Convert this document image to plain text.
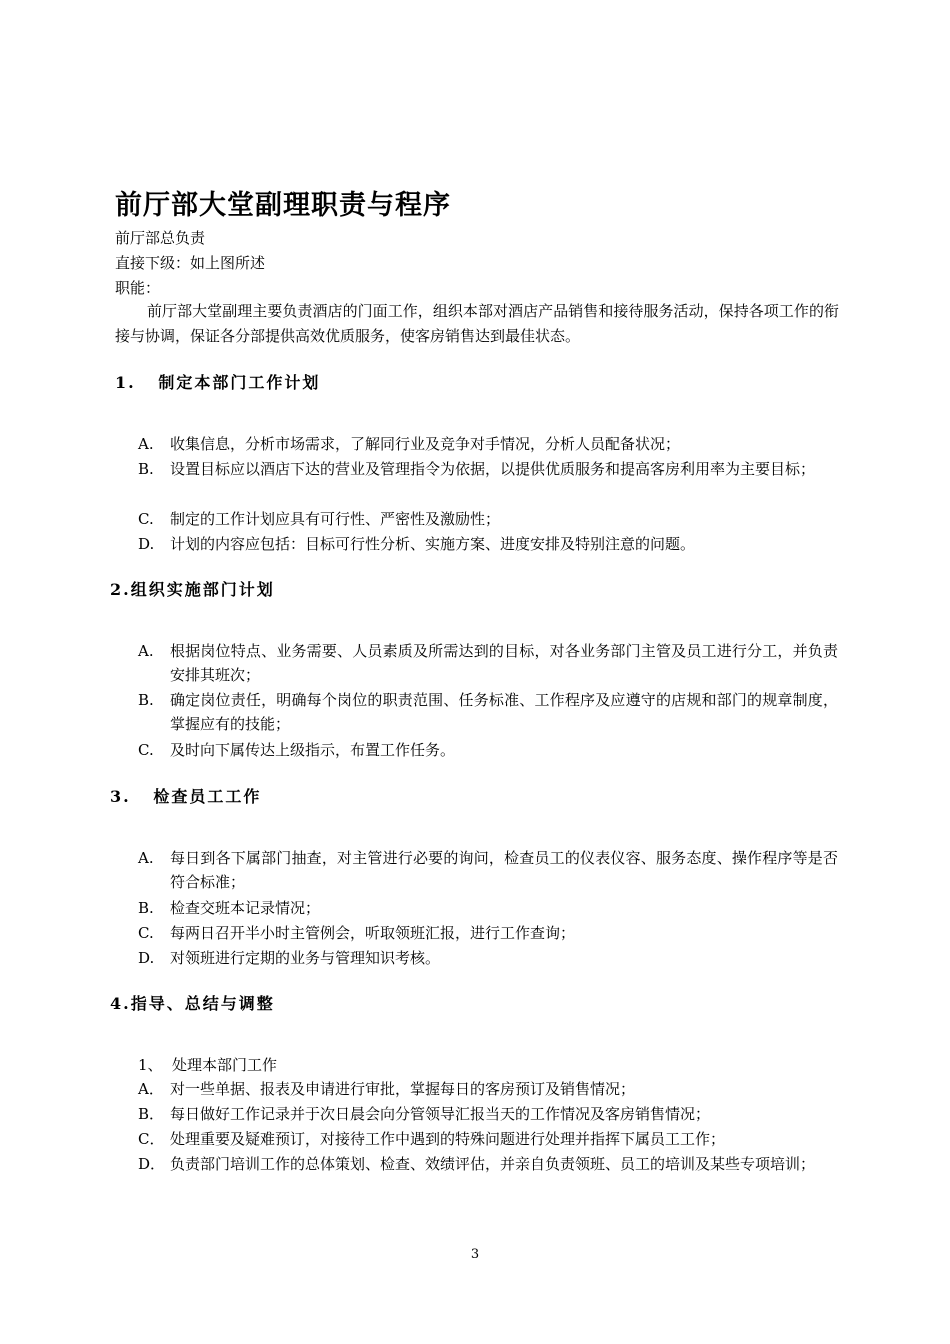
前厅部大堂副理职责与程序
前厅部总负责
直接下级：如上图所述
职能：
前厅部大堂副理主要负责酒店的门面工作，组织本部对酒店产品销售和接待服务活动，保持各项工作的衔接与协调，保证各分部提供高效优质服务，使客房销售达到最佳状态。
1. 制定本部门工作计划
A. 收集信息，分析市场需求，了解同行业及竞争对手情况，分析人员配备状况；
B. 设置目标应以酒店下达的营业及管理指令为依据，以提供优质服务和提高客房利用率为主要目标；
C. 制定的工作计划应具有可行性、严密性及激励性；
D. 计划的内容应包括：目标可行性分析、实施方案、进度安排及特别注意的问题。
2.组织实施部门计划
A. 根据岗位特点、业务需要、人员素质及所需达到的目标，对各业务部门主管及员工进行分工，并负责安排其班次；
B. 确定岗位责任，明确每个岗位的职责范围、任务标准、工作程序及应遵守的店规和部门的规章制度，掌握应有的技能；
C. 及时向下属传达上级指示，布置工作任务。
3. 检查员工工作
A. 每日到各下属部门抽查，对主管进行必要的询问，检查员工的仪表仪容、服务态度、操作程序等是否符合标准；
B. 检查交班本记录情况；
C. 每两日召开半小时主管例会，听取领班汇报，进行工作查询；
D. 对领班进行定期的业务与管理知识考核。
4.指导、总结与调整
1、 处理本部门工作
A． 对一些单据、报表及申请进行审批，掌握每日的客房预订及销售情况；
B． 每日做好工作记录并于次日晨会向分管领导汇报当天的工作情况及客房销售情况；
C． 处理重要及疑难预订，对接待工作中遇到的特殊问题进行处理并指挥下属员工工作；
D． 负责部门培训工作的总体策划、检查、效绩评估，并亲自负责领班、员工的培训及某些专项培训；
3
